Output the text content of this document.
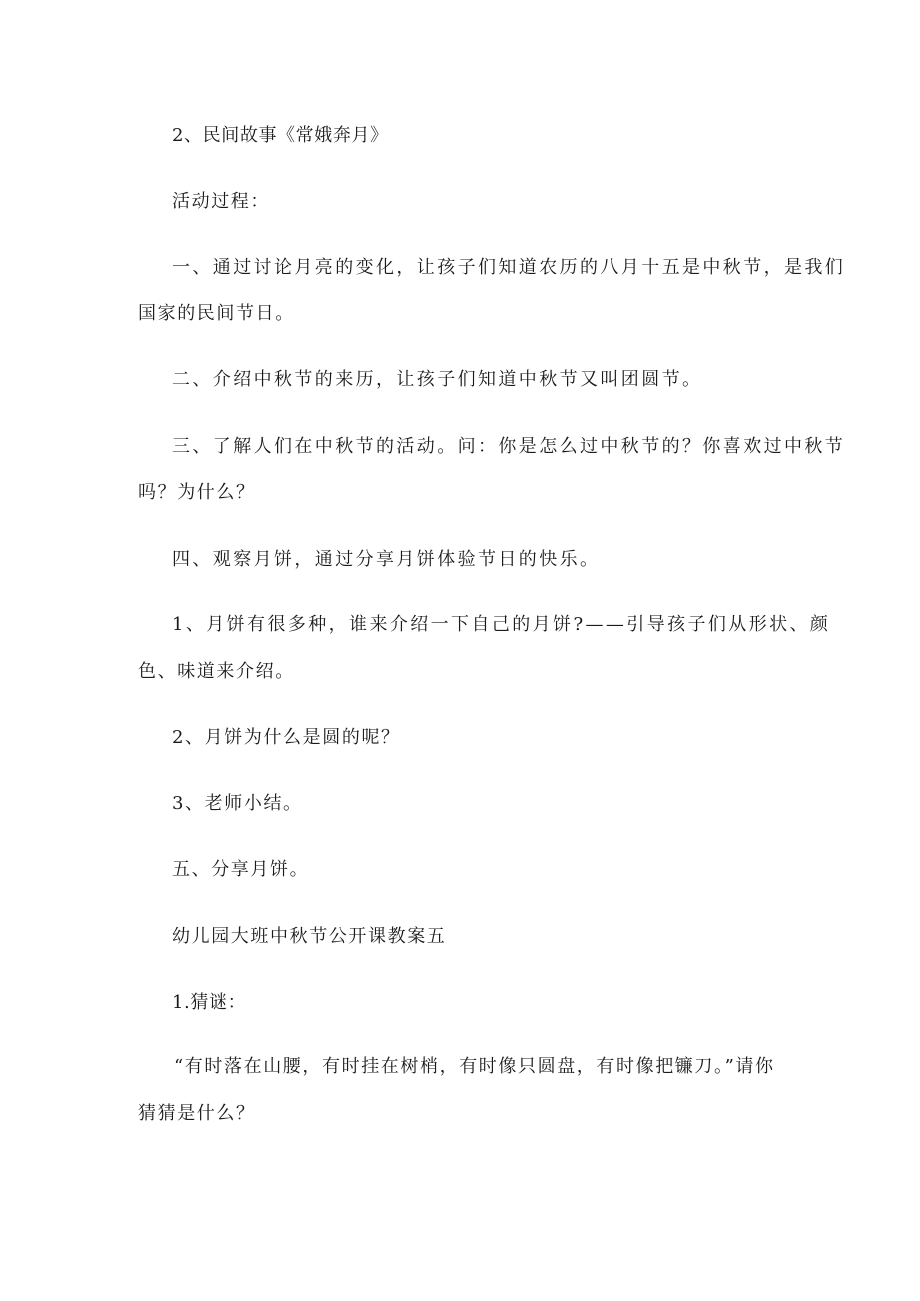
2、民间故事《常娥奔月》

活动过程：

一、通过讨论月亮的变化，让孩子们知道农历的八月十五是中秋节，是我们

国家的民间节日。

二、介绍中秋节的来历，让孩子们知道中秋节又叫团圆节。

三、了解人们在中秋节的活动。问：你是怎么过中秋节的？你喜欢过中秋节

吗？为什么？

四、观察月饼，通过分享月饼体验节日的快乐。

1、月饼有很多种，谁来介绍一下自己的月饼?——引导孩子们从形状、颜

色、味道来介绍。

2、月饼为什么是圆的呢？

3、老师小结。

五、分享月饼。

幼儿园大班中秋节公开课教案五

1.猜谜：

“有时落在山腰，有时挂在树梢，有时像只圆盘，有时像把镰刀。”请你

猜猜是什么？
